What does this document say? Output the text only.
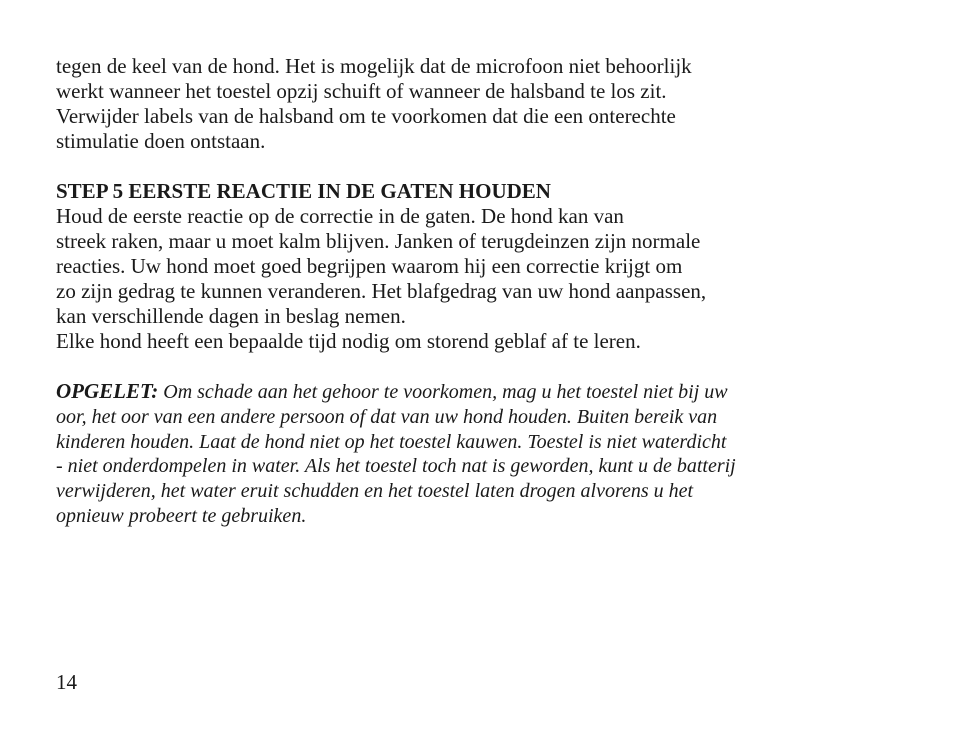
tegen de keel van de hond. Het is mogelijk dat de microfoon niet behoorlijk
werkt wanneer het toestel opzij schuift of wanneer de halsband te los zit.
Verwijder labels van de halsband om te voorkomen dat die een onterechte
stimulatie doen ontstaan.
STEP 5 EERSTE REACTIE IN DE GATEN HOUDEN
Houd de eerste reactie op de correctie in de gaten. De hond kan van
streek raken, maar u moet kalm blijven. Janken of terugdeinzen zijn normale
reacties. Uw hond moet goed begrijpen waarom hij een correctie krijgt om
zo zijn gedrag te kunnen veranderen. Het blafgedrag van uw hond aanpassen,
kan verschillende dagen in beslag nemen.
Elke hond heeft een bepaalde tijd nodig om storend geblaf af te leren.
OPGELET: Om schade aan het gehoor te voorkomen, mag u het toestel niet bij uw
oor, het oor van een andere persoon of dat van uw hond houden. Buiten bereik van
kinderen houden. Laat de hond niet op het toestel kauwen. Toestel is niet waterdicht
- niet onderdompelen in water. Als het toestel toch nat is geworden, kunt u de batterij
verwijderen, het water eruit schudden en het toestel laten drogen alvorens u het
opnieuw probeert te gebruiken.
14
